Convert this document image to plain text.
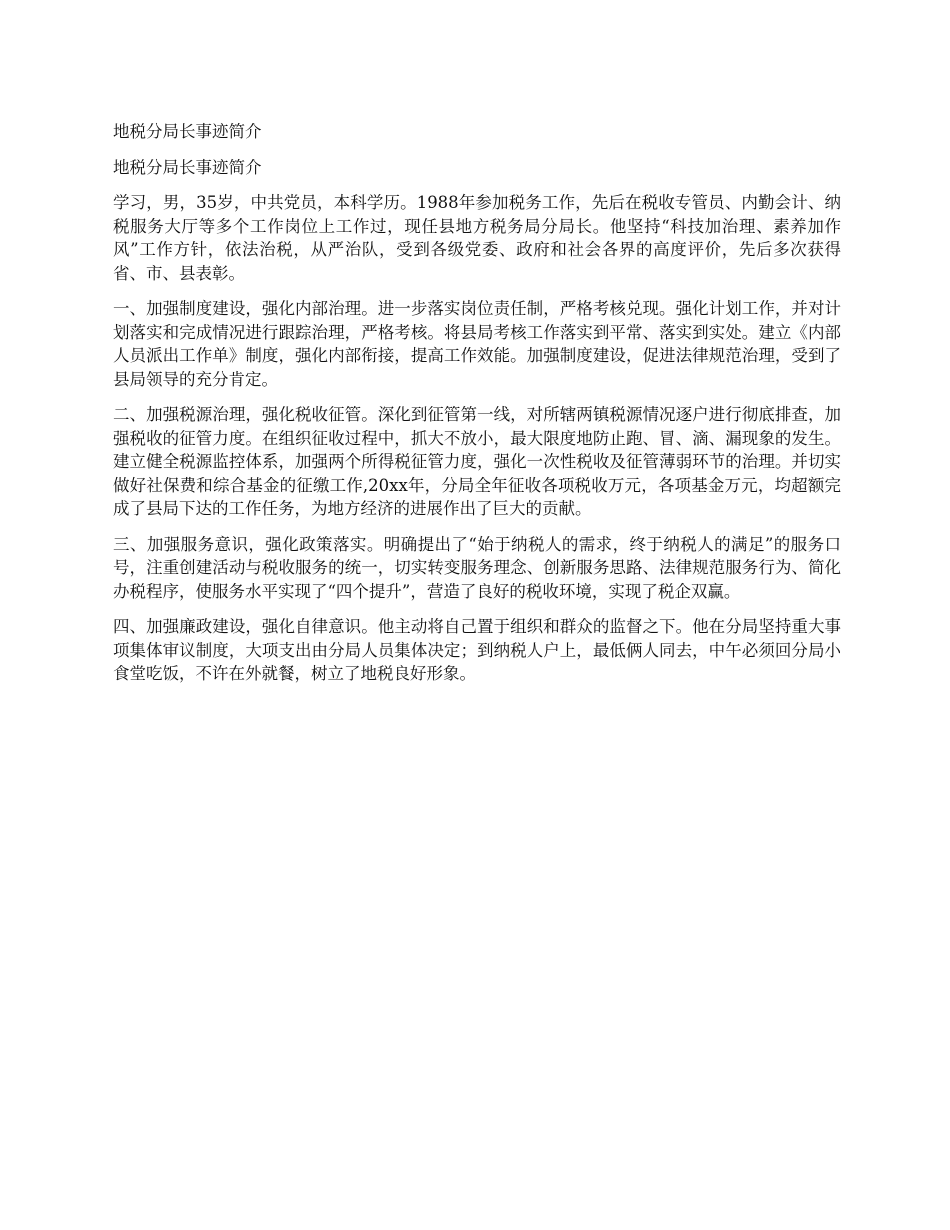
地税分局长事迹简介

地税分局长事迹简介

学习，男，35岁，中共党员，本科学历。1988年参加税务工作，先后在税收专管员、内勤会计、纳税服务大厅等多个工作岗位上工作过，现任县地方税务局分局长。他坚持“科技加治理、素养加作风”工作方针，依法治税，从严治队，受到各级党委、政府和社会各界的高度评价，先后多次获得省、市、县表彰。

一、加强制度建设，强化内部治理。进一步落实岗位责任制，严格考核兑现。强化计划工作，并对计划落实和完成情况进行跟踪治理，严格考核。将县局考核工作落实到平常、落实到实处。建立《内部人员派出工作单》制度，强化内部衔接，提高工作效能。加强制度建设，促进法律规范治理，受到了县局领导的充分肯定。

二、加强税源治理，强化税收征管。深化到征管第一线，对所辖两镇税源情况逐户进行彻底排查，加强税收的征管力度。在组织征收过程中，抓大不放小，最大限度地防止跑、冒、滴、漏现象的发生。建立健全税源监控体系，加强两个所得税征管力度，强化一次性税收及征管薄弱环节的治理。并切实做好社保费和综合基金的征缴工作,20xx年，分局全年征收各项税收万元，各项基金万元，均超额完成了县局下达的工作任务，为地方经济的进展作出了巨大的贡献。

三、加强服务意识，强化政策落实。明确提出了“始于纳税人的需求，终于纳税人的满足”的服务口号，注重创建活动与税收服务的统一，切实转变服务理念、创新服务思路、法律规范服务行为、简化办税程序，使服务水平实现了“四个提升”，营造了良好的税收环境，实现了税企双赢。

四、加强廉政建设，强化自律意识。他主动将自己置于组织和群众的监督之下。他在分局坚持重大事项集体审议制度，大项支出由分局人员集体决定；到纳税人户上，最低俩人同去，中午必须回分局小食堂吃饭，不许在外就餐，树立了地税良好形象。
